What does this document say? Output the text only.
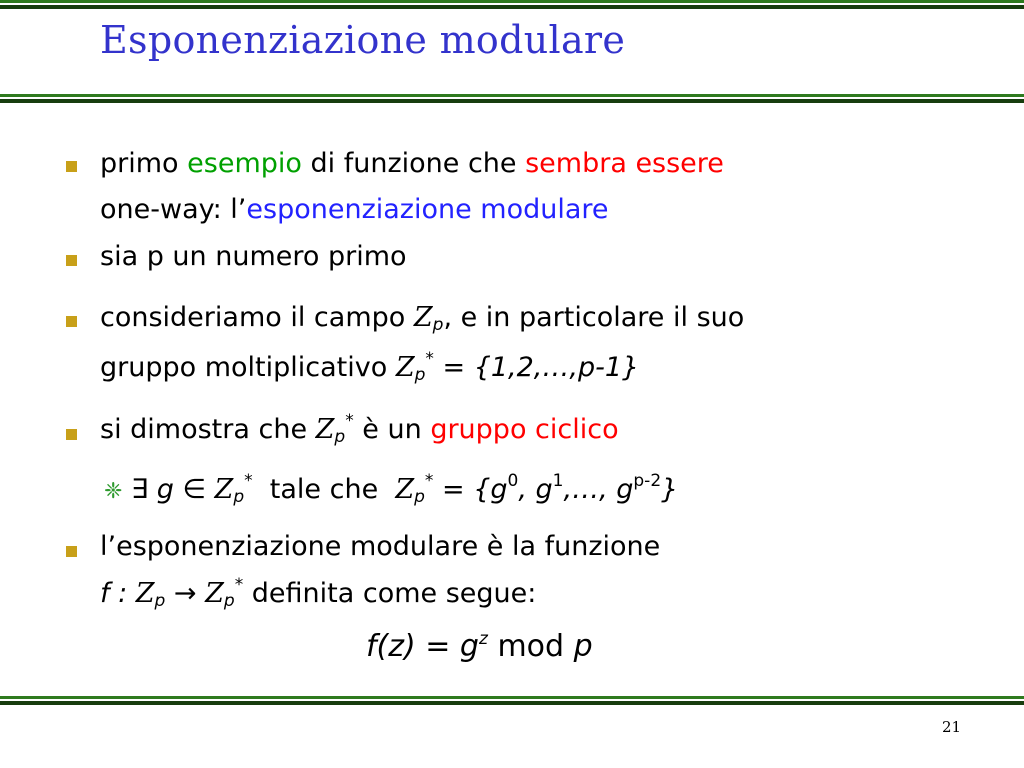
Esponenziazione modulare
primo esempio di funzione che sembra essere
one-way: l’esponenziazione modulare
sia p un numero primo
consideriamo il campo $Z_p$, e in particolare il suo
gruppo moltiplicativo $Z_p^*$ = {1,2,…,p-1}
si dimostra che $Z_p^*$ è un gruppo ciclico
❈ ∃ g ∈ $Z_p^*$ tale che $Z_p^* = \{g^0$, $g^1,\dots$, $g^{p-2}$}
l’esponenziazione modulare è la funzione
f : $Z_p \to Z_p^*$ definita come segue:
$f(z) = g^z$ mod p
21
